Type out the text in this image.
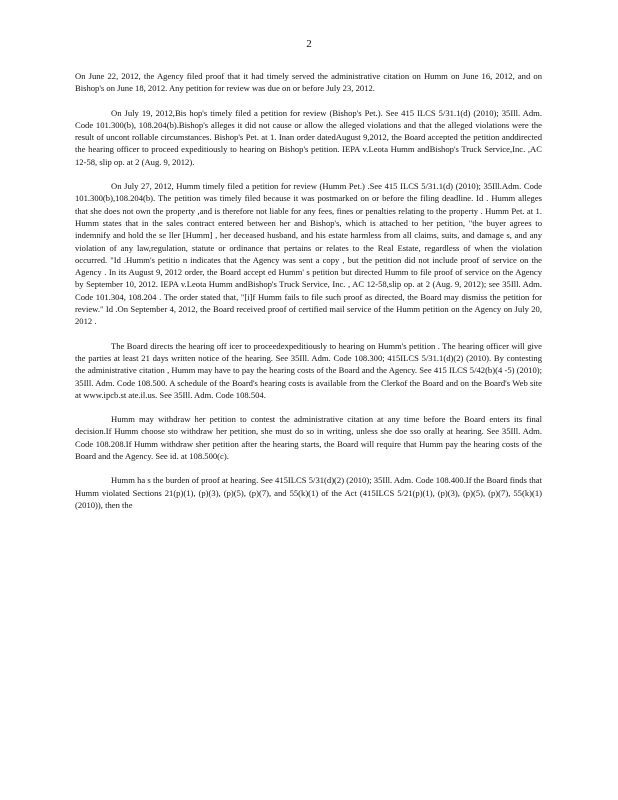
2

On June 22, 2012, the Agency filed proof that it had timely served the administrative citation on Humm on June 16, 2012, and on Bishop's on June 18, 2012. Any petition for review was due on or before July 23, 2012.

On July 19, 2012,Bis hop's timely filed a petition for review (Bishop's Pet.). See 415 ILCS 5/31.1(d) (2010); 35Ill. Adm. Code 101.300(b), 108.204(b).Bishop's alleges it did not cause or allow the alleged violations and that the alleged violations were the result of uncont rollable circumstances. Bishop's Pet. at 1. Inan order datedAugust 9,2012, the Board accepted the petition anddirected the hearing officer to proceed expeditiously to hearing on Bishop's petition. IEPA v.Leota Humm andBishop's Truck Service,Inc. ,AC 12-58, slip op. at 2 (Aug. 9, 2012).

On July 27, 2012, Humm timely filed a petition for review (Humm Pet.) .See 415 ILCS 5/31.1(d) (2010); 35Ill.Adm. Code 101.300(b),108.204(b). The petition was timely filed because it was postmarked on or before the filing deadline. Id . Humm alleges that she does not own the property ,and is therefore not liable for any fees, fines or penalties relating to the property . Humm Pet. at 1. Humm states that in the sales contract entered between her and Bishop's, which is attached to her petition, "the buyer agrees to indemnify and hold the se ller [Humm] , her deceased husband, and his estate harmless from all claims, suits, and damage s, and any violation of any law,regulation, statute or ordinance that pertains or relates to the Real Estate, regardless of when the violation occurred. "Id .Humm's petitio n indicates that the Agency was sent a copy , but the petition did not include proof of service on the Agency . In its August 9, 2012 order, the Board accept ed Humm' s petition but directed Humm to file proof of service on the Agency by September 10, 2012. IEPA v.Leota Humm andBishop's Truck Service, Inc. , AC 12-58,slip op. at 2 (Aug. 9, 2012); see 35Ill. Adm. Code 101.304, 108.204 . The order stated that, "[i]f Humm fails to file such proof as directed, the Board may dismiss the petition for review." Id .On September 4, 2012, the Board received proof of certified mail service of the Humm petition on the Agency on July 20, 2012 .

The Board directs the hearing off icer to proceedexpeditiously to hearing on Humm's petition . The hearing officer will give the parties at least 21 days written notice of the hearing. See 35Ill. Adm. Code 108.300; 415ILCS 5/31.1(d)(2) (2010). By contesting the administrative citation , Humm may have to pay the hearing costs of the Board and the Agency. See 415 ILCS 5/42(b)(4 -5) (2010); 35Ill. Adm. Code 108.500. A schedule of the Board's hearing costs is available from the Clerkof the Board and on the Board's Web site at www.ipcb.st ate.il.us. See 35Ill. Adm. Code 108.504.

Humm may withdraw her petition to contest the administrative citation at any time before the Board enters its final decision.If Humm choose sto withdraw her petition, she must do so in writing, unless she doe sso orally at hearing. See 35Ill. Adm. Code 108.208.If Humm withdraw sher petition after the hearing starts, the Board will require that Humm pay the hearing costs of the Board and the Agency. See id. at 108.500(c).

Humm ha s the burden of proof at hearing. See 415ILCS 5/31(d)(2) (2010); 35Ill. Adm. Code 108.400.If the Board finds that Humm violated Sections 21(p)(1), (p)(3), (p)(5), (p)(7), and 55(k)(1) of the Act (415ILCS 5/21(p)(1), (p)(3), (p)(5), (p)(7), 55(k)(1) (2010)), then the
